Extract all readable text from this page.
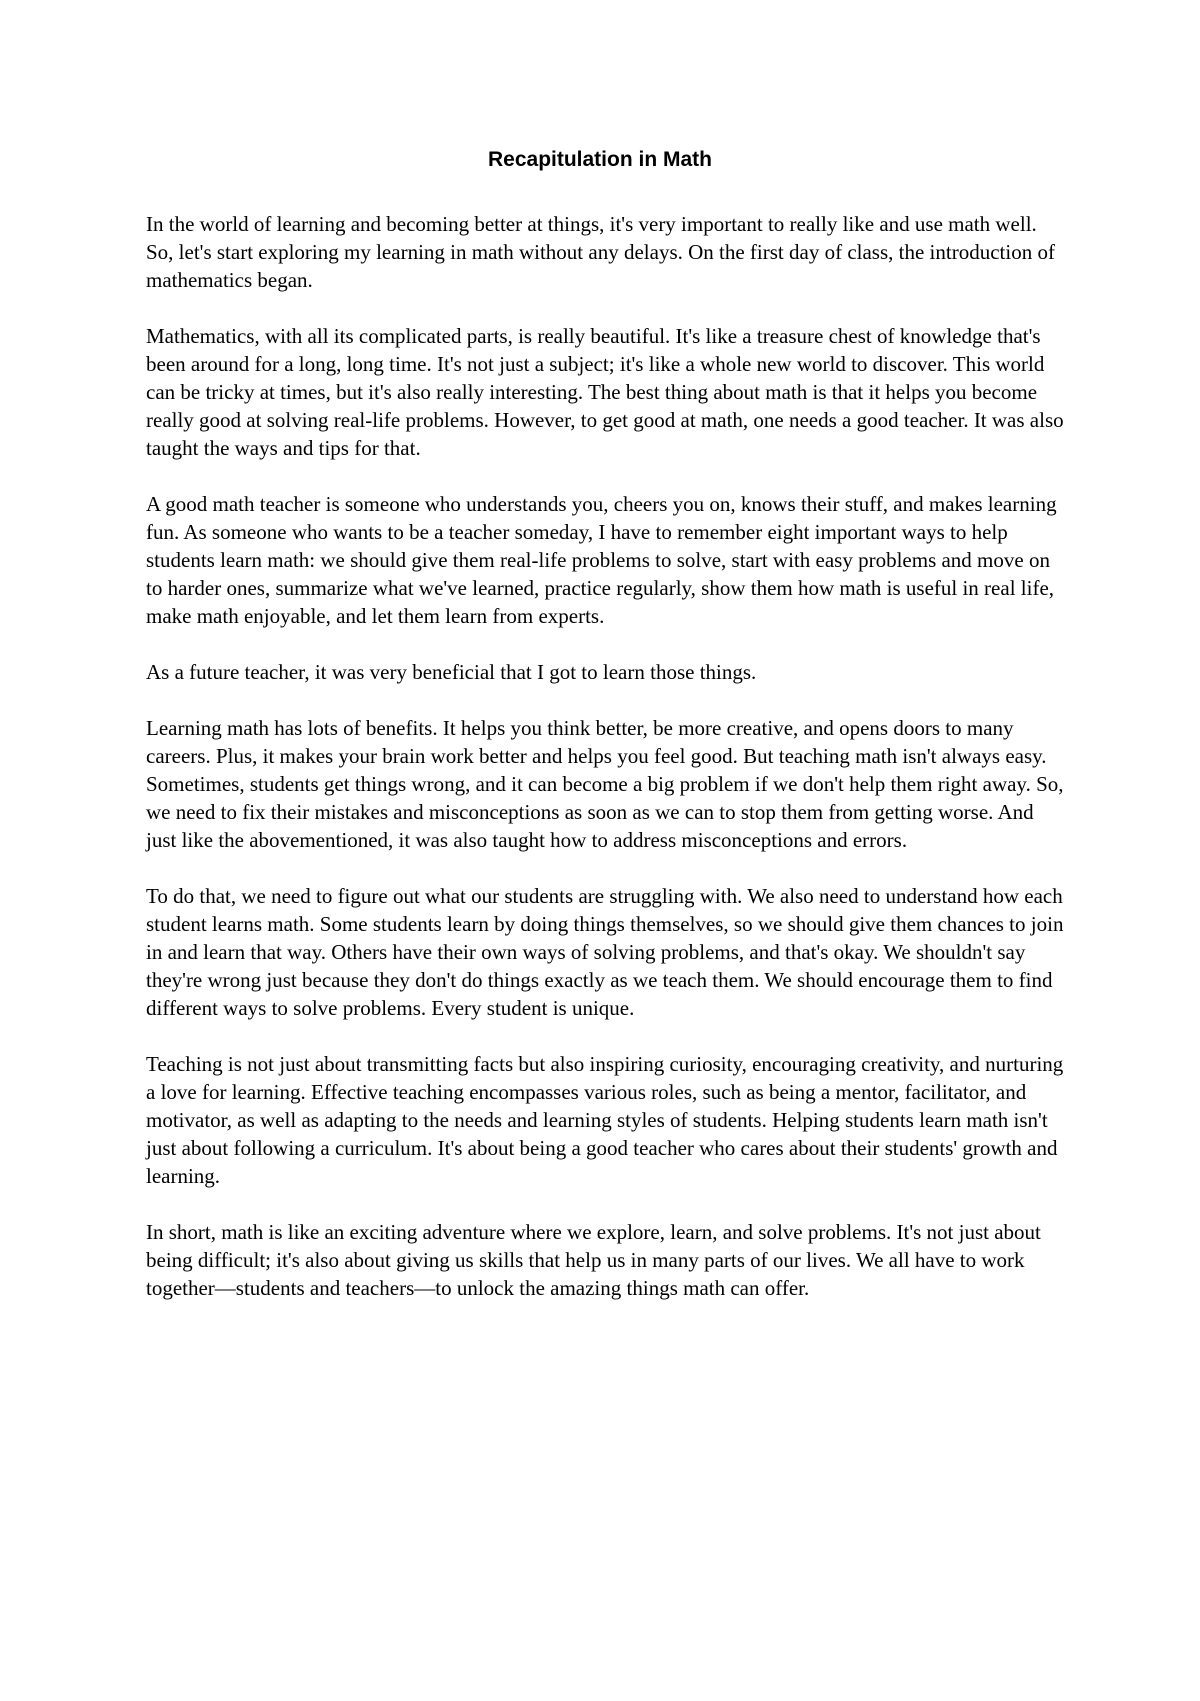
Recapitulation in Math

In the world of learning and becoming better at things, it's very important to really like and use math well. So, let's start exploring my learning in math without any delays. On the first day of class, the introduction of mathematics began.

Mathematics, with all its complicated parts, is really beautiful. It's like a treasure chest of knowledge that's been around for a long, long time. It's not just a subject; it's like a whole new world to discover. This world can be tricky at times, but it's also really interesting. The best thing about math is that it helps you become really good at solving real-life problems. However, to get good at math, one needs a good teacher. It was also taught the ways and tips for that.

A good math teacher is someone who understands you, cheers you on, knows their stuff, and makes learning fun. As someone who wants to be a teacher someday, I have to remember eight important ways to help students learn math: we should give them real-life problems to solve, start with easy problems and move on to harder ones, summarize what we've learned, practice regularly, show them how math is useful in real life, make math enjoyable, and let them learn from experts.

As a future teacher, it was very beneficial that I got to learn those things.

Learning math has lots of benefits. It helps you think better, be more creative, and opens doors to many careers. Plus, it makes your brain work better and helps you feel good. But teaching math isn't always easy. Sometimes, students get things wrong, and it can become a big problem if we don't help them right away. So, we need to fix their mistakes and misconceptions as soon as we can to stop them from getting worse. And just like the abovementioned, it was also taught how to address misconceptions and errors.

To do that, we need to figure out what our students are struggling with. We also need to understand how each student learns math. Some students learn by doing things themselves, so we should give them chances to join in and learn that way. Others have their own ways of solving problems, and that's okay. We shouldn't say they're wrong just because they don't do things exactly as we teach them. We should encourage them to find different ways to solve problems. Every student is unique.

Teaching is not just about transmitting facts but also inspiring curiosity, encouraging creativity, and nurturing a love for learning. Effective teaching encompasses various roles, such as being a mentor, facilitator, and motivator, as well as adapting to the needs and learning styles of students. Helping students learn math isn't just about following a curriculum. It's about being a good teacher who cares about their students' growth and learning.

In short, math is like an exciting adventure where we explore, learn, and solve problems. It's not just about being difficult; it's also about giving us skills that help us in many parts of our lives. We all have to work together—students and teachers—to unlock the amazing things math can offer.
